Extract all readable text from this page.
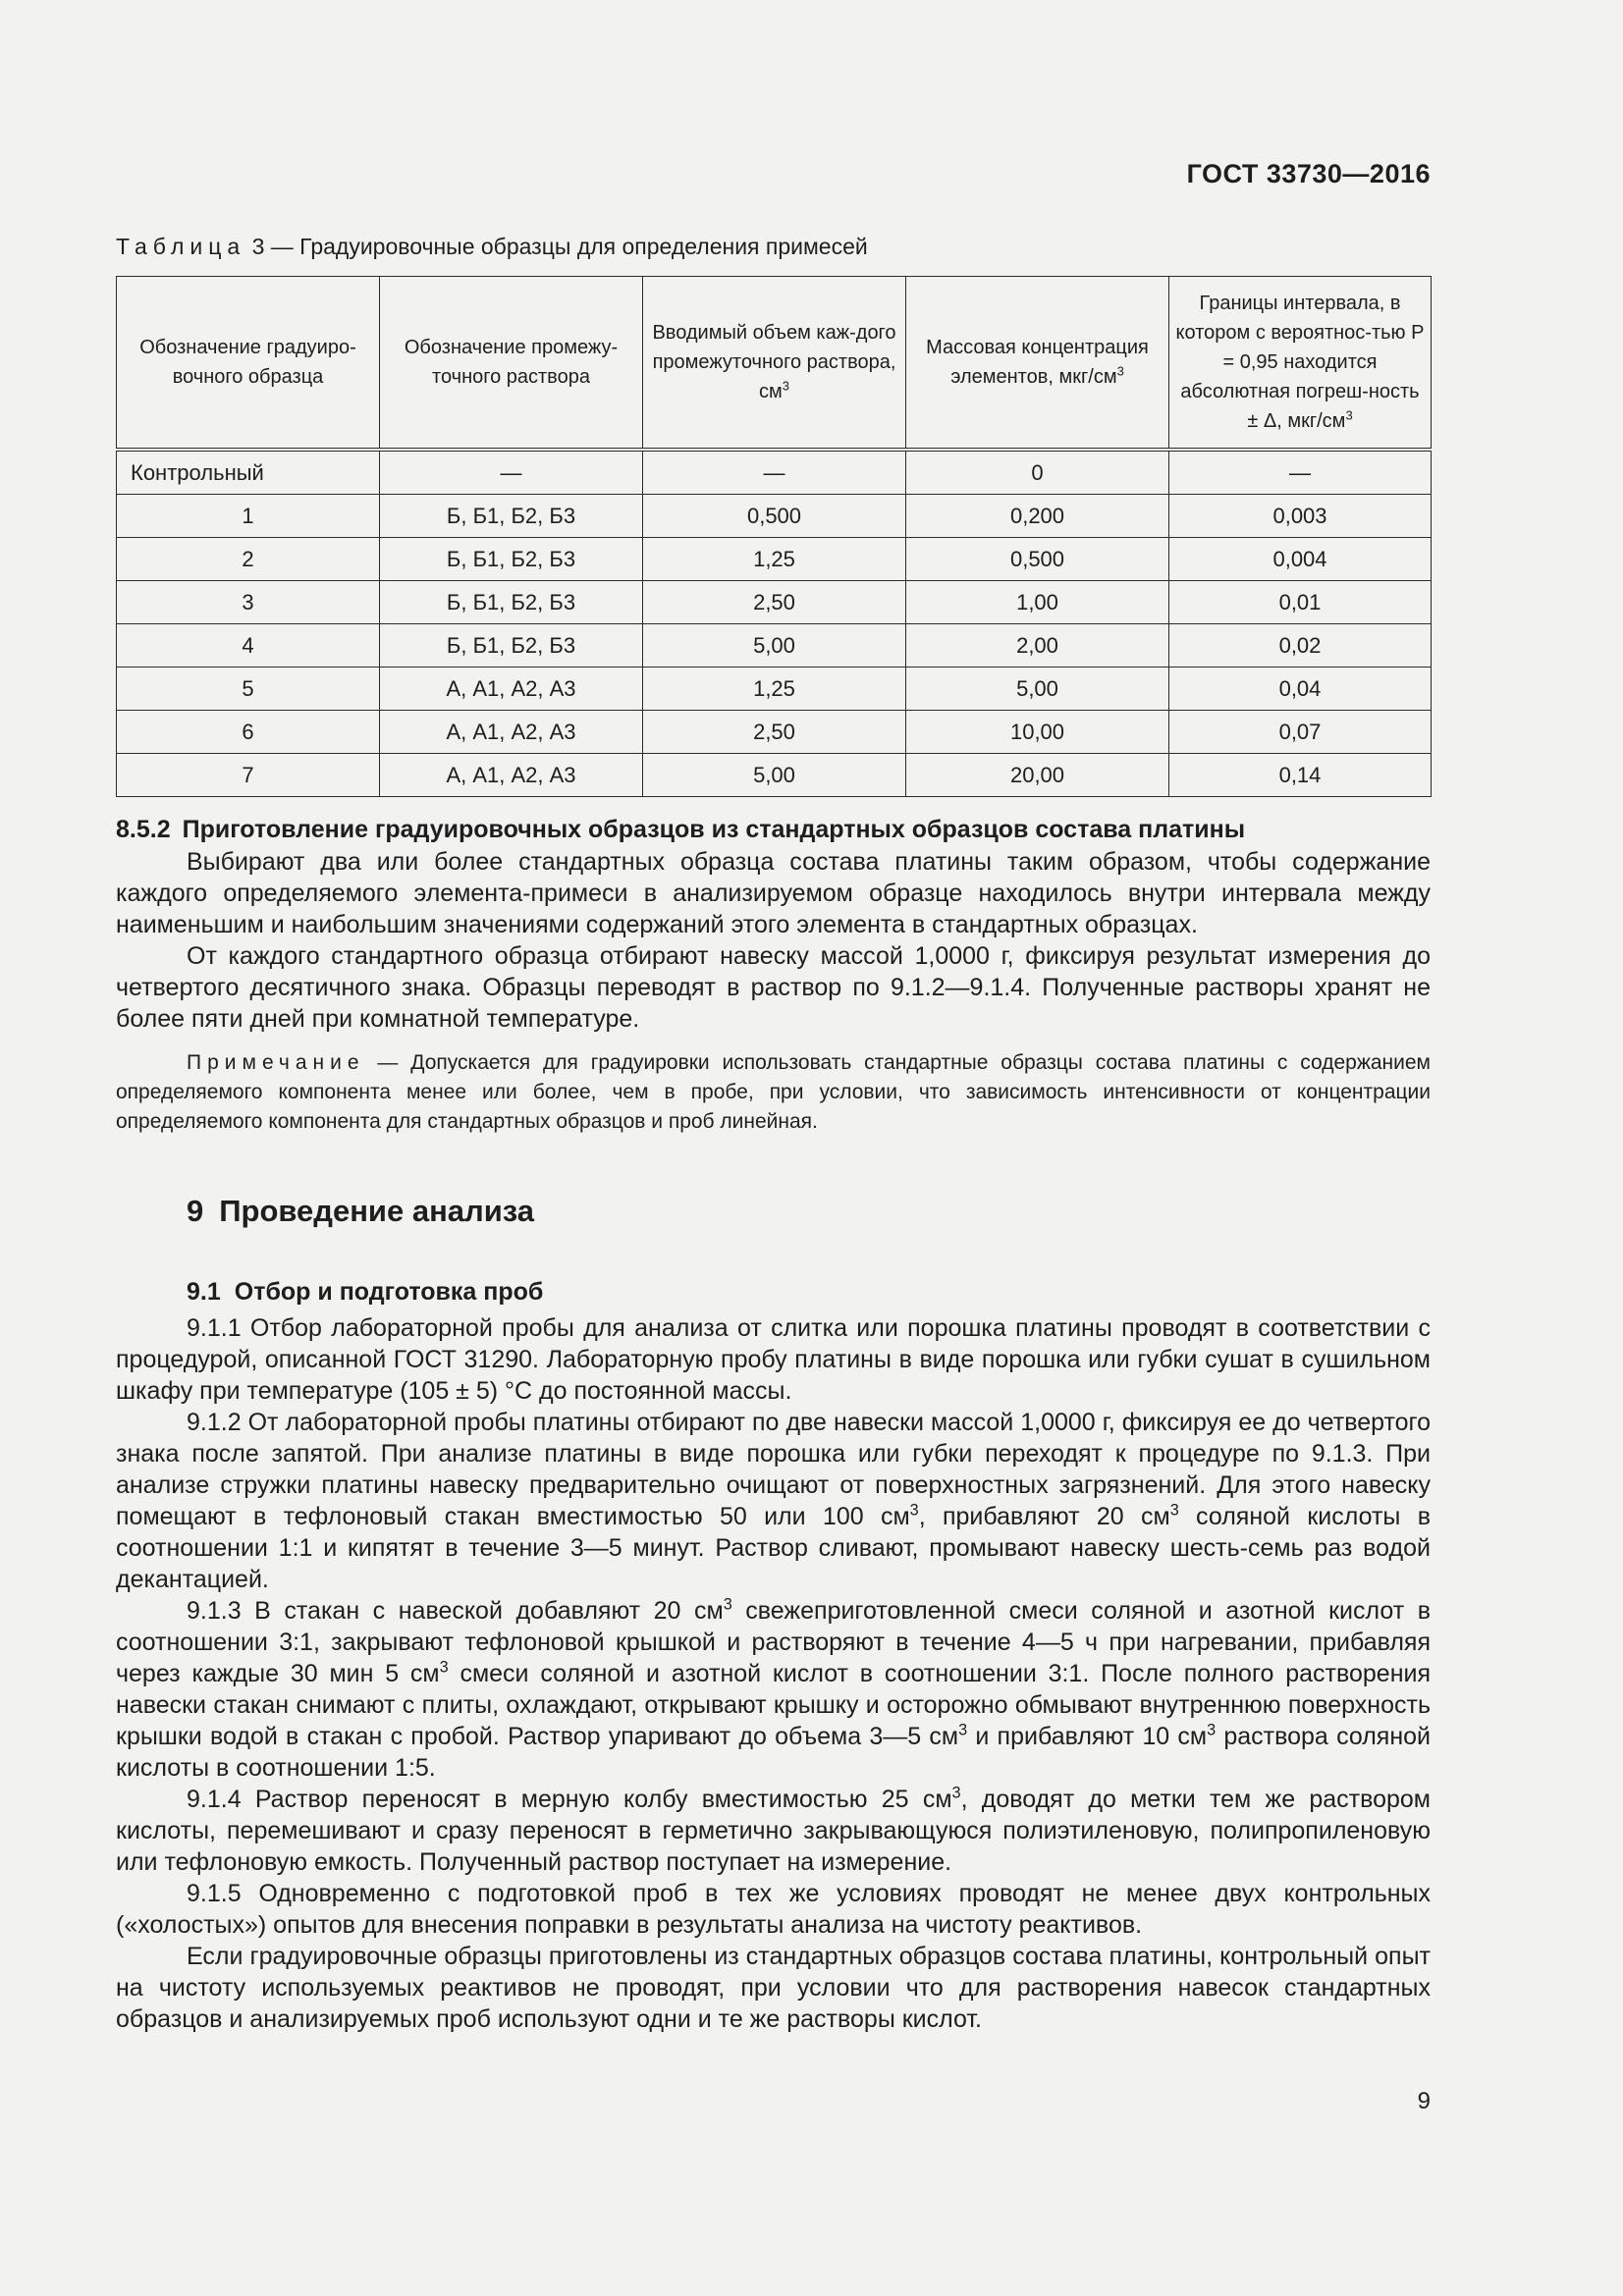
ГОСТ 33730—2016
Таблица 3 — Градуировочные образцы для определения примесей
Обозначение градуиро-вочного образца	Обозначение промежу-точного раствора	Вводимый объем каж-дого промежуточного раствора, $см^3$	Массовая концентрация элементов, мкг/$см^3$	Границы интервала, в котором с вероятнос-тью P = 0,95 находится абсолютная погреш-ность ± Δ, мкг/$см^3$
Контрольный	—	—	0	—
1	Б, Б1, Б2, Б3	0,500	0,200	0,003
2	Б, Б1, Б2, Б3	1,25	0,500	0,004
3	Б, Б1, Б2, Б3	2,50	1,00	0,01
4	Б, Б1, Б2, Б3	5,00	2,00	0,02
5	А, А1, А2, А3	1,25	5,00	0,04
6	А, А1, А2, А3	2,50	10,00	0,07
7	А, А1, А2, А3	5,00	20,00	0,14
8.5.2 Приготовление градуировочных образцов из стандартных образцов состава платины

Выбирают два или более стандартных образца состава платины таким образом, чтобы содержание каждого определяемого элемента-примеси в анализируемом образце находилось внутри интервала между наименьшим и наибольшим значениями содержаний этого элемента в стандартных образцах.

От каждого стандартного образца отбирают навеску массой 1,0000 г, фиксируя результат измерения до четвертого десятичного знака. Образцы переводят в раствор по 9.1.2—9.1.4. Полученные растворы хранят не более пяти дней при комнатной температуре.

Примечание — Допускается для градуировки использовать стандартные образцы состава платины с содержанием определяемого компонента менее или более, чем в пробе, при условии, что зависимость интенсивности от концентрации определяемого компонента для стандартных образцов и проб линейная.

9 Проведение анализа
9.1 Отбор и подготовка проб

9.1.1 Отбор лабораторной пробы для анализа от слитка или порошка платины проводят в соответствии с процедурой, описанной ГОСТ 31290. Лабораторную пробу платины в виде порошка или губки сушат в сушильном шкафу при температуре (105 ± 5) °С до постоянной массы.

9.1.2 От лабораторной пробы платины отбирают по две навески массой 1,0000 г, фиксируя ее до четвертого знака после запятой. При анализе платины в виде порошка или губки переходят к процедуре по 9.1.3. При анализе стружки платины навеску предварительно очищают от поверхностных загрязнений. Для этого навеску помещают в тефлоновый стакан вместимостью 50 или 100 $см^3$, прибавляют 20 $см^3$ соляной кислоты в соотношении 1:1 и кипятят в течение 3—5 минут. Раствор сливают, промывают навеску шесть-семь раз водой декантацией.

9.1.3 В стакан с навеской добавляют 20 $см^3$ свежеприготовленной смеси соляной и азотной кислот в соотношении 3:1, закрывают тефлоновой крышкой и растворяют в течение 4—5 ч при нагревании, прибавляя через каждые 30 мин 5 $см^3$ смеси соляной и азотной кислот в соотношении 3:1. После полного растворения навески стакан снимают с плиты, охлаждают, открывают крышку и осторожно обмывают внутреннюю поверхность крышки водой в стакан с пробой. Раствор упаривают до объема 3—5 $см^3$ и прибавляют 10 $см^3$ раствора соляной кислоты в соотношении 1:5.

9.1.4 Раствор переносят в мерную колбу вместимостью 25 $см^3$, доводят до метки тем же раствором кислоты, перемешивают и сразу переносят в герметично закрывающуюся полиэтиленовую, полипропиленовую или тефлоновую емкость. Полученный раствор поступает на измерение.

9.1.5 Одновременно с подготовкой проб в тех же условиях проводят не менее двух контрольных («холостых») опытов для внесения поправки в результаты анализа на чистоту реактивов.

Если градуировочные образцы приготовлены из стандартных образцов состава платины, контрольный опыт на чистоту используемых реактивов не проводят, при условии что для растворения навесок стандартных образцов и анализируемых проб используют одни и те же растворы кислот.

9
